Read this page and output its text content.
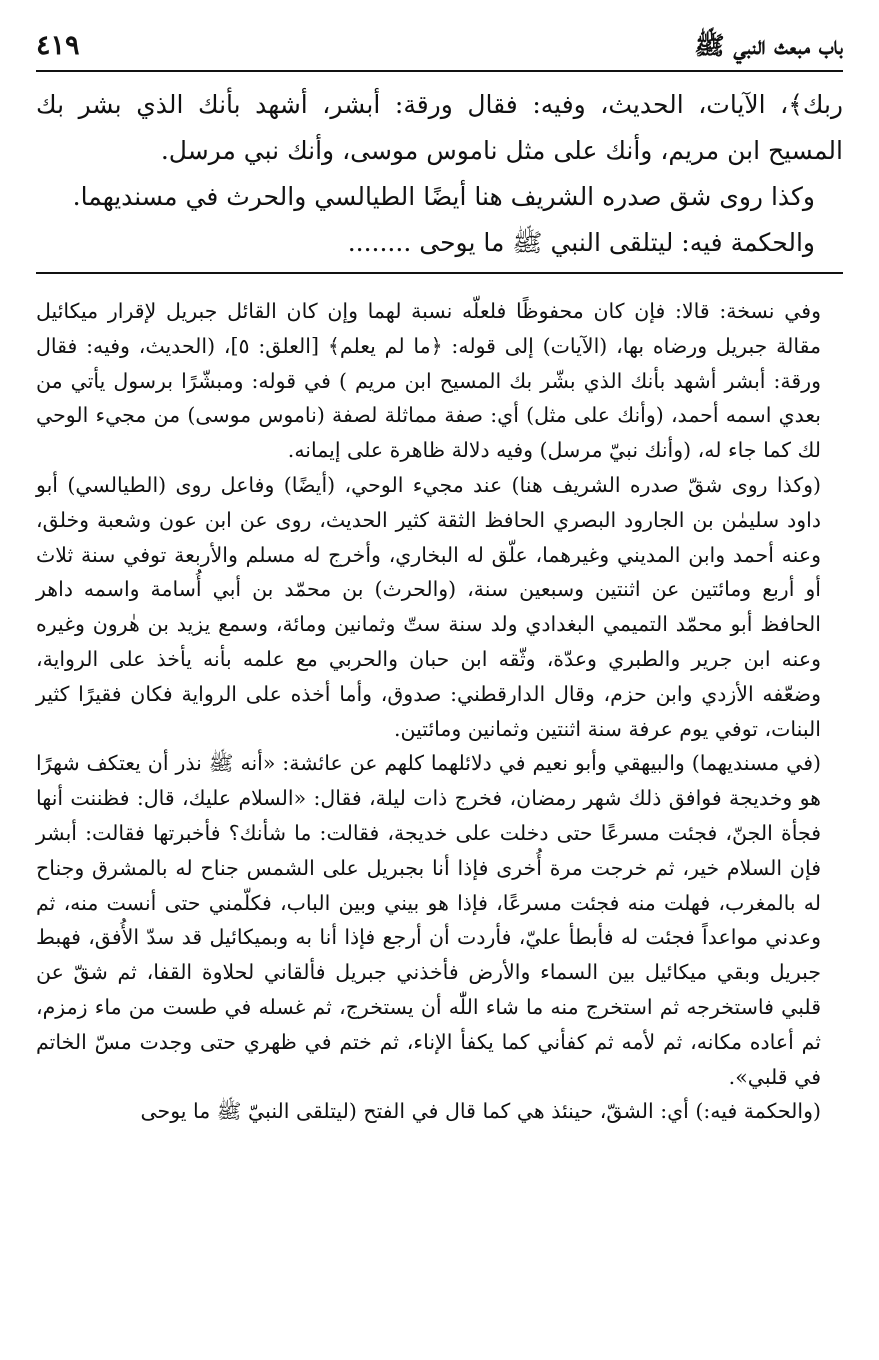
باب مبعث النبي ﷺ
٤١٩

ربك﴾، الآيات، الحديث، وفيه: فقال ورقة: أبشر، أشهد بأنك الذي بشر بك المسيح ابن مريم، وأنك على مثل ناموس موسى، وأنك نبي مرسل.

وكذا روى شق صدره الشريف هنا أيضًا الطيالسي والحرث في مسنديهما.

والحكمة فيه: ليتلقى النبي ﷺ ما يوحى ........

وفي نسخة: قالا: فإن كان محفوظًا فلعلّه نسبة لهما وإن كان القائل جبريل لإقرار ميكائيل مقالة جبريل ورضاه بها، (الآيات) إلى قوله: ﴿ما لم يعلم﴾ [العلق: ٥]، (الحديث، وفيه: فقال ورقة: أبشر أشهد بأنك الذي بشّر بك المسيح ابن مريم ) في قوله: ومبشّرًا برسول يأتي من بعدي اسمه أحمد، (وأنك على مثل) أي: صفة مماثلة لصفة (ناموس موسى) من مجيء الوحي لك كما جاء له، (وأنك نبيّ مرسل) وفيه دلالة ظاهرة على إيمانه.

(وكذا روى شقّ صدره الشريف هنا) عند مجيء الوحي، (أيضًا) وفاعل روى (الطيالسي) أبو داود سليمٰن بن الجارود البصري الحافظ الثقة كثير الحديث، روى عن ابن عون وشعبة وخلق، وعنه أحمد وابن المديني وغيرهما، علّق له البخاري، وأخرج له مسلم والأربعة توفي سنة ثلاث أو أربع ومائتين عن اثنتين وسبعين سنة، (والحرث) بن محمّد بن أبي أُسامة واسمه داهر الحافظ أبو محمّد التميمي البغدادي ولد سنة ستّ وثمانين ومائة، وسمع يزيد بن هٰرون وغيره وعنه ابن جرير والطبري وعدّة، وثّقه ابن حبان والحربي مع علمه بأنه يأخذ على الرواية، وضعّفه الأزدي وابن حزم، وقال الدارقطني: صدوق، وأما أخذه على الرواية فكان فقيرًا كثير البنات، توفي يوم عرفة سنة اثنتين وثمانين ومائتين.

(في مسنديهما) والبيهقي وأبو نعيم في دلائلهما كلهم عن عائشة: «أنه ﷺ نذر أن يعتكف شهرًا هو وخديجة فوافق ذلك شهر رمضان، فخرج ذات ليلة، فقال: «السلام عليك، قال: فظننت أنها فجأة الجنّ، فجئت مسرعًا حتى دخلت على خديجة، فقالت: ما شأنك؟ فأخبرتها فقالت: أبشر فإن السلام خير، ثم خرجت مرة أُخرى فإذا أنا بجبريل على الشمس جناح له بالمشرق وجناح له بالمغرب، فهلت منه فجئت مسرعًا، فإذا هو بيني وبين الباب، فكلّمني حتى أنست منه، ثم وعدني مواعداً فجئت له فأبطأ عليّ، فأردت أن أرجع فإذا أنا به وبميكائيل قد سدّ الأُفق، فهبط جبريل وبقي ميكائيل بين السماء والأرض فأخذني جبريل فألقاني لحلاوة القفا، ثم شقّ عن قلبي فاستخرجه ثم استخرج منه ما شاء اللّٰه أن يستخرج، ثم غسله في طست من ماء زمزم، ثم أعاده مكانه، ثم لأمه ثم كفأني كما يكفأ الإناء، ثم ختم في ظهري حتى وجدت مسّ الخاتم في قلبي».

(والحكمة فيه:) أي: الشقّ، حينئذ هي كما قال في الفتح (ليتلقى النبيّ ﷺ ما يوحى
